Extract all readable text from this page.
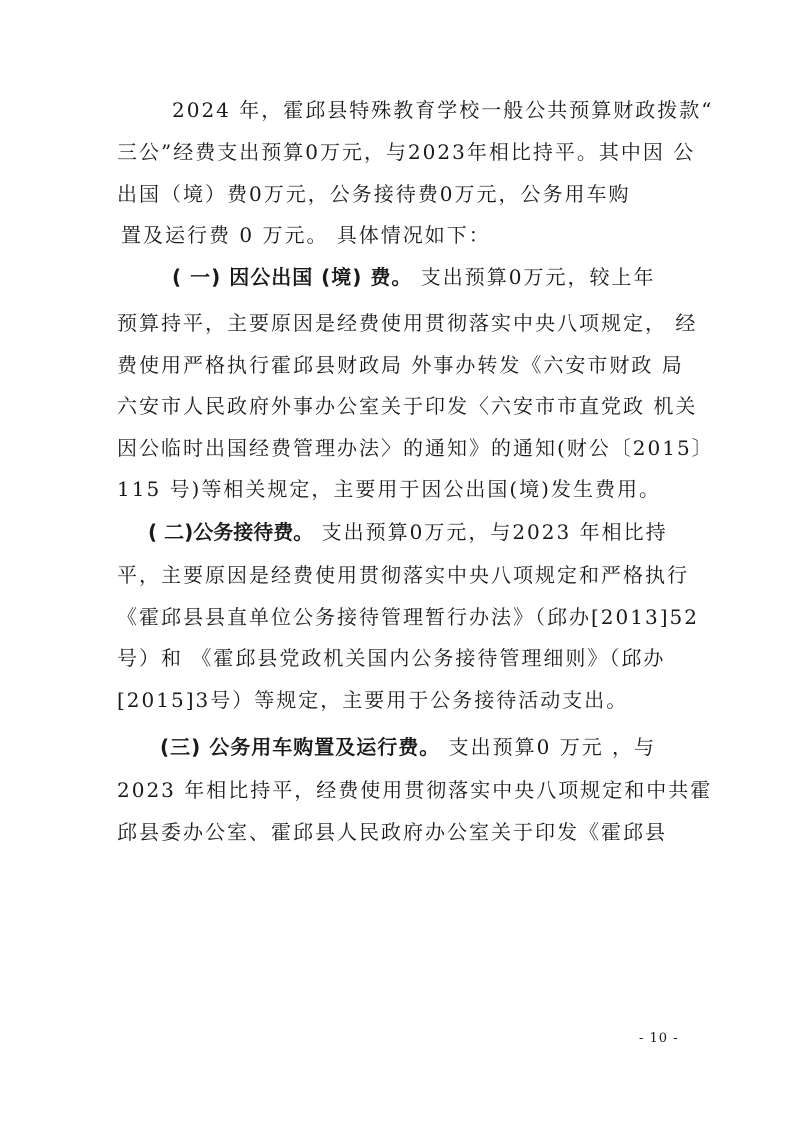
2024 年，霍邱县特殊教育学校一般公共预算财政拨款“
三公”经费支出预算0万元，与2023年相比持平。其中因 公
出国（境）费0万元，公务接待费0万元，公务用车购
置及运行费 0 万元。 具体情况如下：
( 一) 因公出国 (境) 费。 支出预算0万元，较上年
预算持平，主要原因是经费使用贯彻落实中央八项规定， 经
费使用严格执行霍邱县财政局 外事办转发《六安市财政 局
六安市人民政府外事办公室关于印发〈六安市市直党政 机关
因公临时出国经费管理办法〉的通知》的通知(财公〔2015〕
115 号)等相关规定，主要用于因公出国(境)发生费用。
( 二)公务接待费。 支出预算0万元，与2023 年相比持
平，主要原因是经费使用贯彻落实中央八项规定和严格执行
《霍邱县县直单位公务接待管理暂行办法》（邱办[2013]52
号）和 《霍邱县党政机关国内公务接待管理细则》（邱办
[2015]3号）等规定，主要用于公务接待活动支出。
(三) 公务用车购置及运行费。 支出预算0 万元 ，与
2023 年相比持平，经费使用贯彻落实中央八项规定和中共霍
邱县委办公室、霍邱县人民政府办公室关于印发《霍邱县
- 10 -
